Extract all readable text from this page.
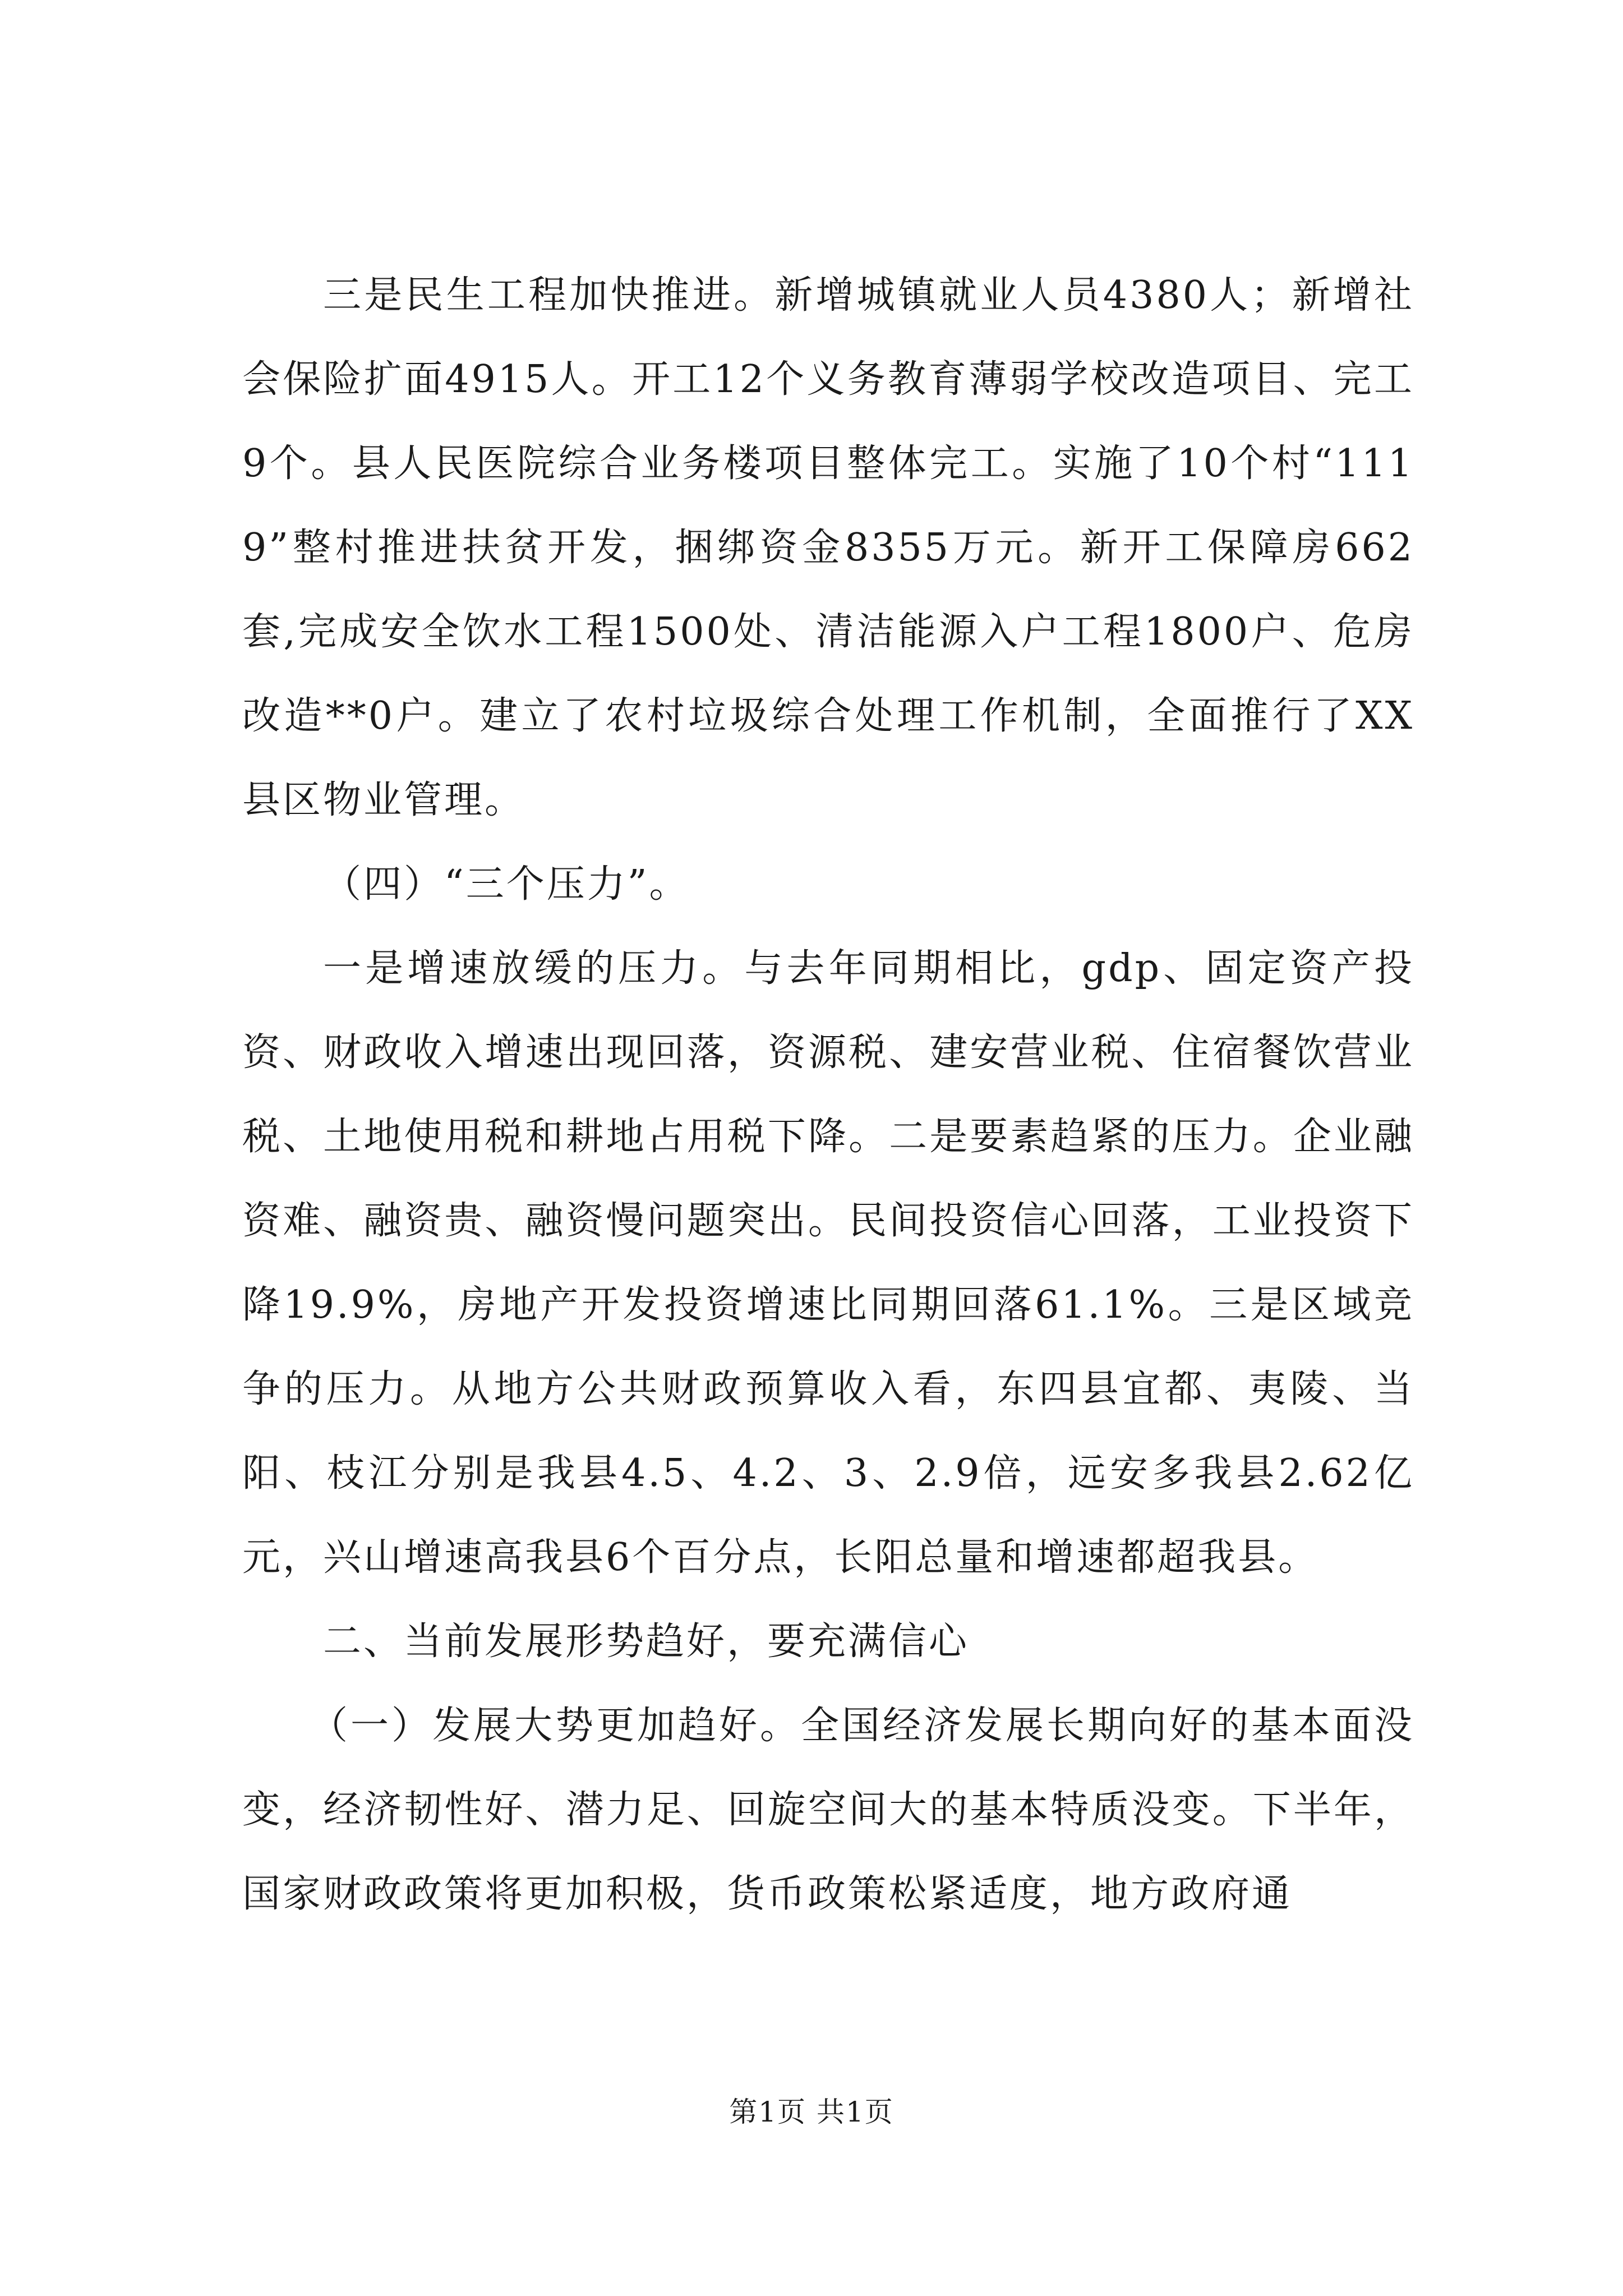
三是民生工程加快推进。新增城镇就业人员4380人；新增社会保险扩面4915人。开工12个义务教育薄弱学校改造项目、完工9个。县人民医院综合业务楼项目整体完工。实施了10个村“1119”整村推进扶贫开发，捆绑资金8355万元。新开工保障房662套,完成安全饮水工程1500处、清洁能源入户工程1800户、危房改造**0户。建立了农村垃圾综合处理工作机制，全面推行了XX县区物业管理。

（四）“三个压力”。

一是增速放缓的压力。与去年同期相比，gdp、固定资产投资、财政收入增速出现回落，资源税、建安营业税、住宿餐饮营业税、土地使用税和耕地占用税下降。二是要素趋紧的压力。企业融资难、融资贵、融资慢问题突出。民间投资信心回落，工业投资下降19.9%，房地产开发投资增速比同期回落61.1%。三是区域竞争的压力。从地方公共财政预算收入看，东四县宜都、夷陵、当阳、枝江分别是我县4.5、4.2、3、2.9倍，远安多我县2.62亿元，兴山增速高我县6个百分点，长阳总量和增速都超我县。

二、当前发展形势趋好，要充满信心

（一）发展大势更加趋好。全国经济发展长期向好的基本面没变，经济韧性好、潜力足、回旋空间大的基本特质没变。下半年，国家财政政策将更加积极，货币政策松紧适度，地方政府通

第1页 共1页
